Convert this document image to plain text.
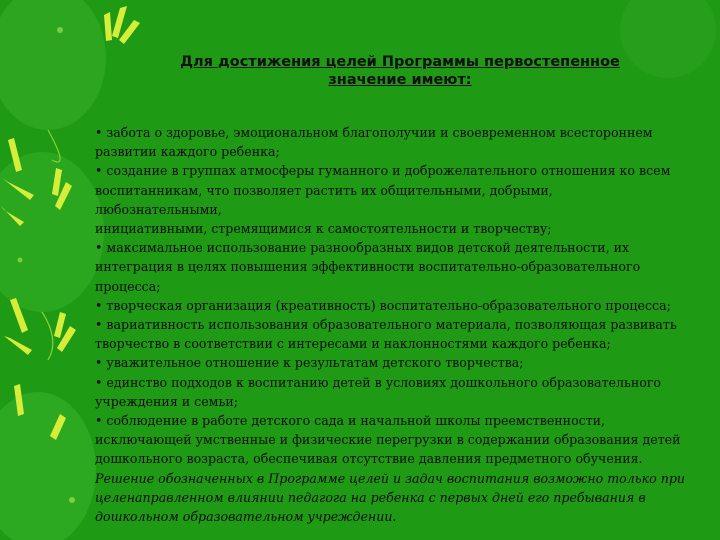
Для достижения целей Программы первостепенное
значение имеют:
• забота о здоровье, эмоциональном благополучии и своевременном всестороннем
развитии каждого ребенка;
• создание в группах атмосферы гуманного и доброжелательного отношения ко всем
воспитанникам, что позволяет растить их общительными, добрыми,
любознательными,
инициативными, стремящимися к самостоятельности и творчеству;
• максимальное использование разнообразных видов детской деятельности, их
интеграция в целях повышения эффективности воспитательно-образовательного
процесса;
• творческая организация (креативность) воспитательно-образовательного процесса;
• вариативность использования образовательного материала, позволяющая развивать
творчество в соответствии с интересами и наклонностями каждого ребенка;
• уважительное отношение к результатам детского творчества;
• единство подходов к воспитанию детей в условиях дошкольного образовательного
учреждения и семьи;
• соблюдение в работе детского сада и начальной школы преемственности,
исключающей умственные и физические перегрузки в содержании образования детей
дошкольного возраста, обеспечивая отсутствие давления предметного обучения.
Решение обозначенных в Программе целей и задач воспитания возможно только при
целенаправленном влиянии педагога на ребенка с первых дней его пребывания в
дошкольном образовательном учреждении.
